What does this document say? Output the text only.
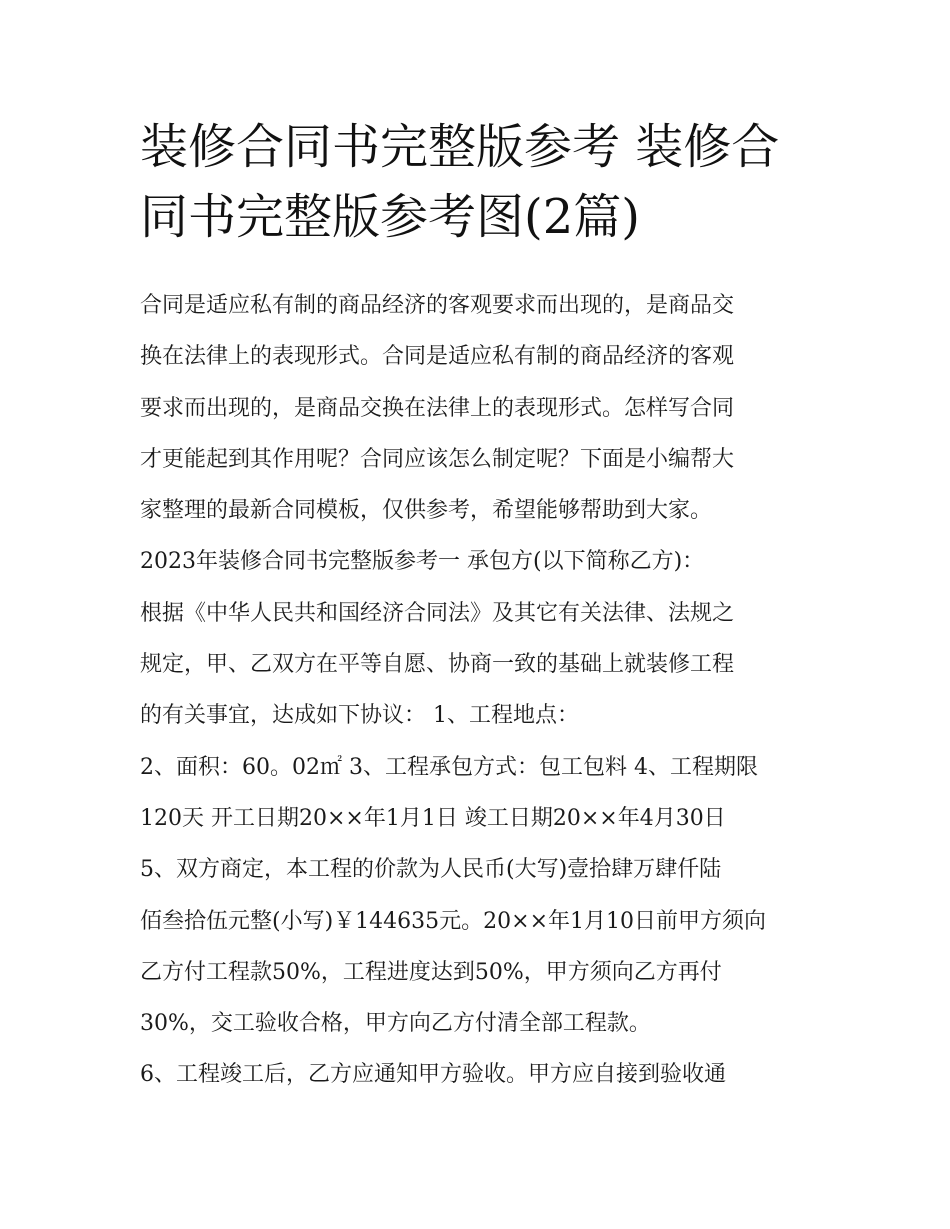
装修合同书完整版参考 装修合
同书完整版参考图(2篇)
合同是适应私有制的商品经济的客观要求而出现的，是商品交
换在法律上的表现形式。合同是适应私有制的商品经济的客观
要求而出现的，是商品交换在法律上的表现形式。怎样写合同
才更能起到其作用呢？合同应该怎么制定呢？下面是小编帮大
家整理的最新合同模板，仅供参考，希望能够帮助到大家。
2023年装修合同书完整版参考一 承包方(以下简称乙方)：
根据《中华人民共和国经济合同法》及其它有关法律、法规之
规定，甲、乙双方在平等自愿、协商一致的基础上就装修工程
的有关事宜，达成如下协议： 1、工程地点：
2、面积：60。02㎡ 3、工程承包方式：包工包料 4、工程期限
120天 开工日期20××年1月1日 竣工日期20××年4月30日
5、双方商定，本工程的价款为人民币(大写)壹拾肆万肆仟陆
佰叁拾伍元整(小写)￥144635元。20××年1月10日前甲方须向
乙方付工程款50%，工程进度达到50%，甲方须向乙方再付
30%，交工验收合格，甲方向乙方付清全部工程款。
6、工程竣工后，乙方应通知甲方验收。甲方应自接到验收通
